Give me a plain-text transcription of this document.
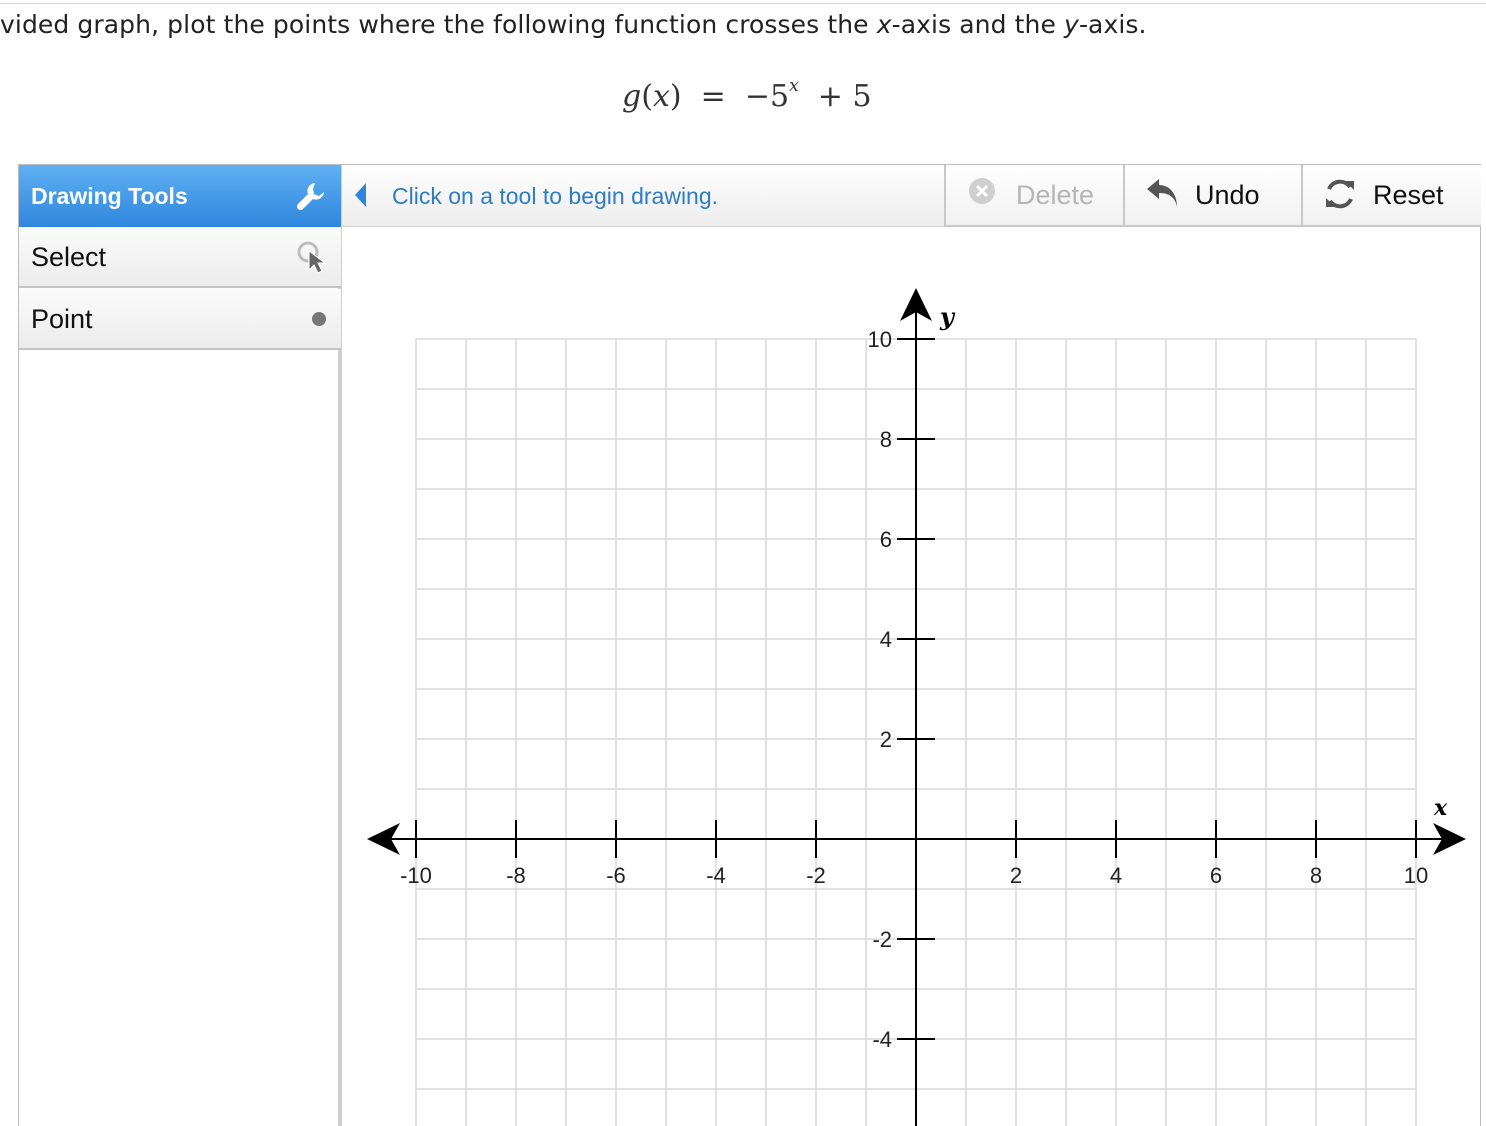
vided graph, plot the points where the following function crosses the x-axis and the y-axis.
$g(x) = -5^x + 5$
Drawing Tools
Select
Point
Click on a tool to begin drawing.	Delete	Undo	Reset
x
y
-10	-8	-6	-4	-2	2	4	6	8	10
10
8
6
4
2
-2
-4
